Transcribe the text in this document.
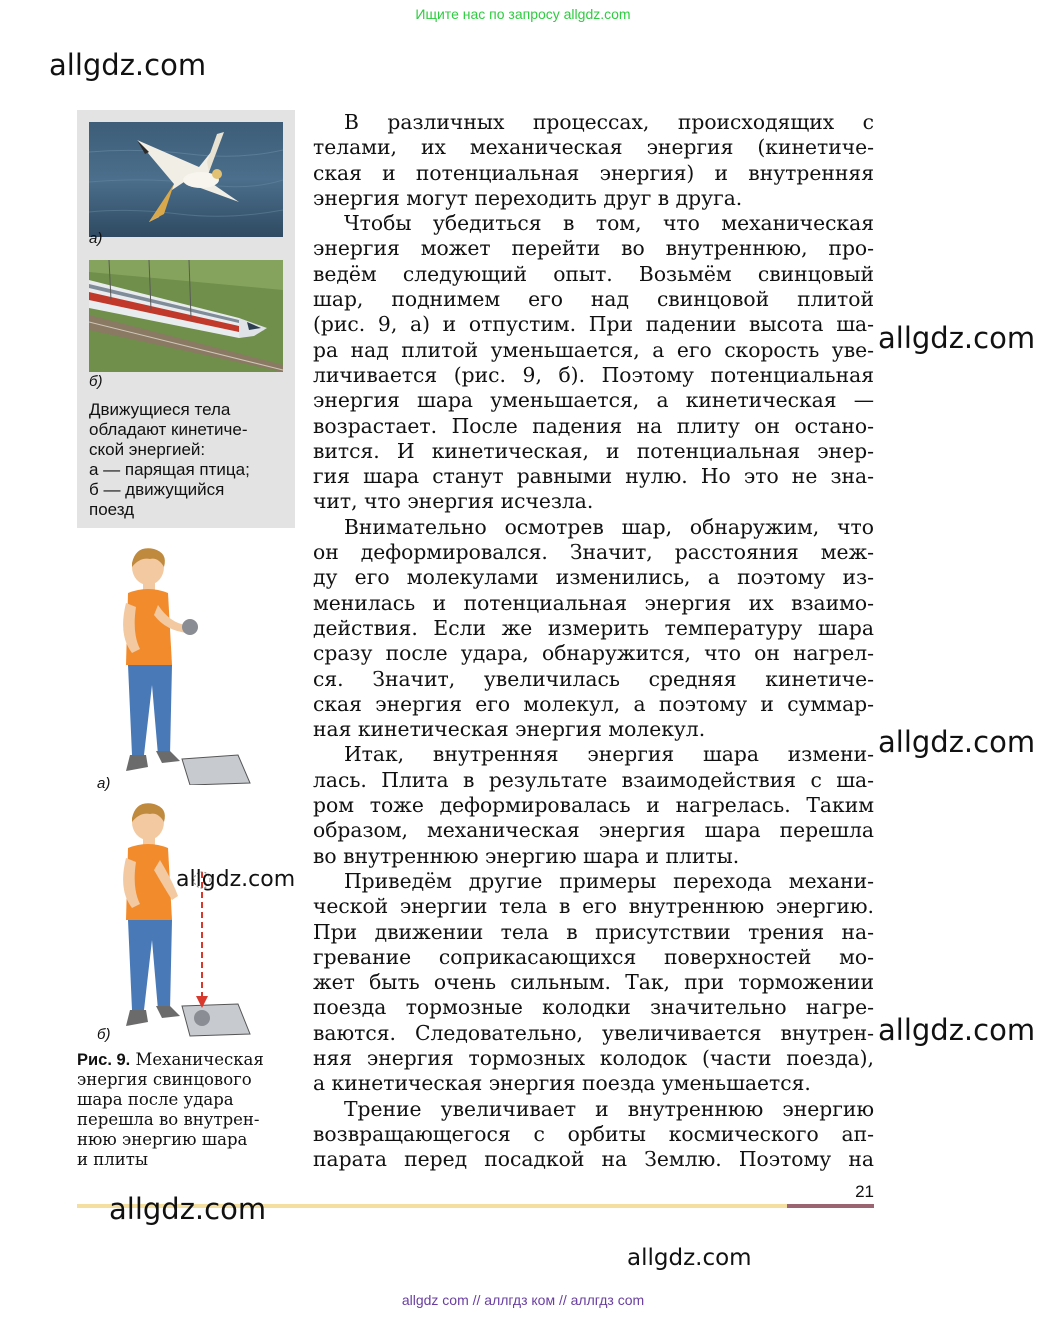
Ищите нас по запросу allgdz.com
allgdz.com
а)
б)
Движущиеся тела
обладают кинетиче-
ской энергией:
а — парящая птица;
б — движущийся
поезд
а)
б)
allgdz.com
Рис. 9. Механическая
энергия свинцового
шара после удара
перешла во внутрен-
нюю энергию шара
и плиты
В различных процессах, происходящих с
телами, их механическая энергия (кинетиче-
ская и потенциальная энергия) и внутренняя
энергия могут переходить друг в друга.
Чтобы убедиться в том, что механическая
энергия может перейти во внутреннюю, про-
ведём следующий опыт. Возьмём свинцовый
шар, поднимем его над свинцовой плитой
(рис. 9, а) и отпустим. При падении высота ша-
ра над плитой уменьшается, а его скорость уве-
личивается (рис. 9, б). Поэтому потенциальная
энергия шара уменьшается, а кинетическая —
возрастает. После падения на плиту он остано-
вится. И кинетическая, и потенциальная энер-
гия шара станут равными нулю. Но это не зна-
чит, что энергия исчезла.
Внимательно осмотрев шар, обнаружим, что
он деформировался. Значит, расстояния меж-
ду его молекулами изменились, а поэтому из-
менилась и потенциальная энергия их взаимо-
действия. Если же измерить температуру шара
сразу после удара, обнаружится, что он нагрел-
ся. Значит, увеличилась средняя кинетиче-
ская энергия его молекул, а поэтому и суммар-
ная кинетическая энергия молекул.
Итак, внутренняя энергия шара измени-
лась. Плита в результате взаимодействия с ша-
ром тоже деформировалась и нагрелась. Таким
образом, механическая энергия шара перешла
во внутреннюю энергию шара и плиты.
Приведём другие примеры перехода механи-
ческой энергии тела в его внутреннюю энергию.
При движении тела в присутствии трения на-
гревание соприкасающихся поверхностей мо-
жет быть очень сильным. Так, при торможении
поезда тормозные колодки значительно нагре-
ваются. Следовательно, увеличивается внутрен-
няя энергия тормозных колодок (части поезда),
а кинетическая энергия поезда уменьшается.
Трение увеличивает и внутреннюю энергию
возвращающегося с орбиты космического ап-
парата перед посадкой на Землю. Поэтому на
allgdz.com
allgdz.com
allgdz.com
21
allgdz.com
allgdz.com
allgdz com // аллгдз ком // аллгдз com
